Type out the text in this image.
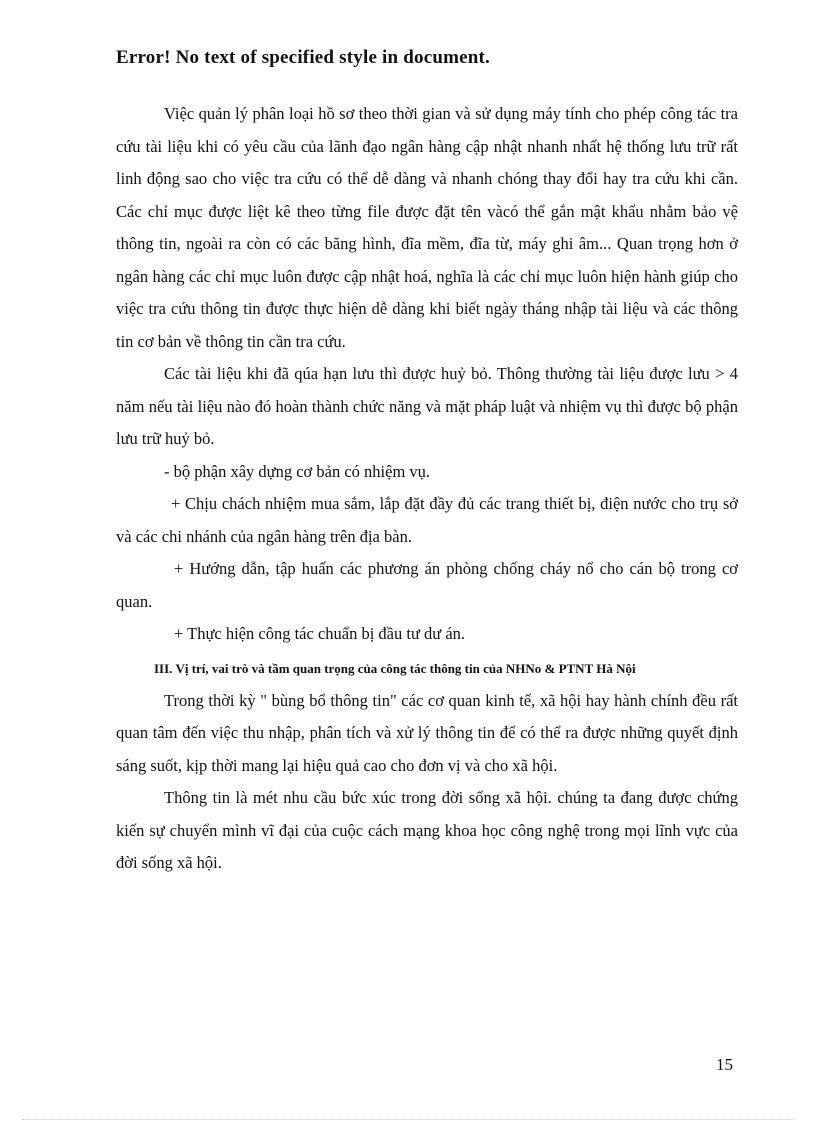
Error! No text of specified style in document.

Việc quản lý phân loại hồ sơ theo thời gian và sử dụng máy tính cho phép công tác tra cứu tài liệu khi có yêu cầu của lãnh đạo ngân hàng cập nhật nhanh nhất hệ thống lưu trữ rất linh động sao cho việc tra cứu có thể dễ dàng và nhanh chóng thay đổi hay tra cứu khi cần. Các chỉ mục được liệt kê theo từng file được đặt tên vàcó thể gắn mật khẩu nhằm bảo vệ thông tin, ngoài ra còn có các băng hình, đĩa mềm, đĩa từ, máy ghi âm... Quan trọng hơn ở ngân hàng các chỉ mục luôn được cập nhật hoá, nghĩa là các chỉ mục luôn hiện hành giúp cho việc tra cứu thông tin được thực hiện dễ dàng khi biết ngày tháng nhập tài liệu và các thông tin cơ bản về thông tin cần tra cứu.

Các tài liệu khi đã qúa hạn lưu thì được huỷ bỏ. Thông thường tài liệu được lưu > 4 năm nếu tài liệu nào đó hoàn thành chức năng và mặt pháp luật và nhiệm vụ thì được bộ phận lưu trữ huỷ bỏ.

- bộ phận xây dựng cơ bản có nhiệm vụ.

+ Chịu chách nhiệm mua sắm, lắp đặt đầy đủ các trang thiết bị, điện nước cho trụ sở và các chi nhánh của ngân hàng trên địa bàn.

+ Hướng dẫn, tập huấn các phương án phòng chống cháy nổ cho cán bộ trong cơ quan.

+ Thực hiện công tác chuẩn bị đầu tư dư án.

III. Vị trí, vai trò và tầm quan trọng của công tác thông tin của NHNo & PTNT Hà Nội

Trong thời kỳ " bùng bổ thông tin" các cơ quan kinh tế, xã hội hay hành chính đều rất quan tâm đến việc thu nhập, phân tích và xử lý thông tin để có thể ra được những quyết định sáng suốt, kịp thời mang lại hiệu quả cao cho đơn vị và cho xã hội.

Thông tin là mét nhu cầu bức xúc trong đời sống xã hội. chúng ta đang được chứng kiến sự chuyển mình vĩ đại của cuộc cách mạng khoa học công nghệ trong mọi lĩnh vực của đời sống xã hội.

15
